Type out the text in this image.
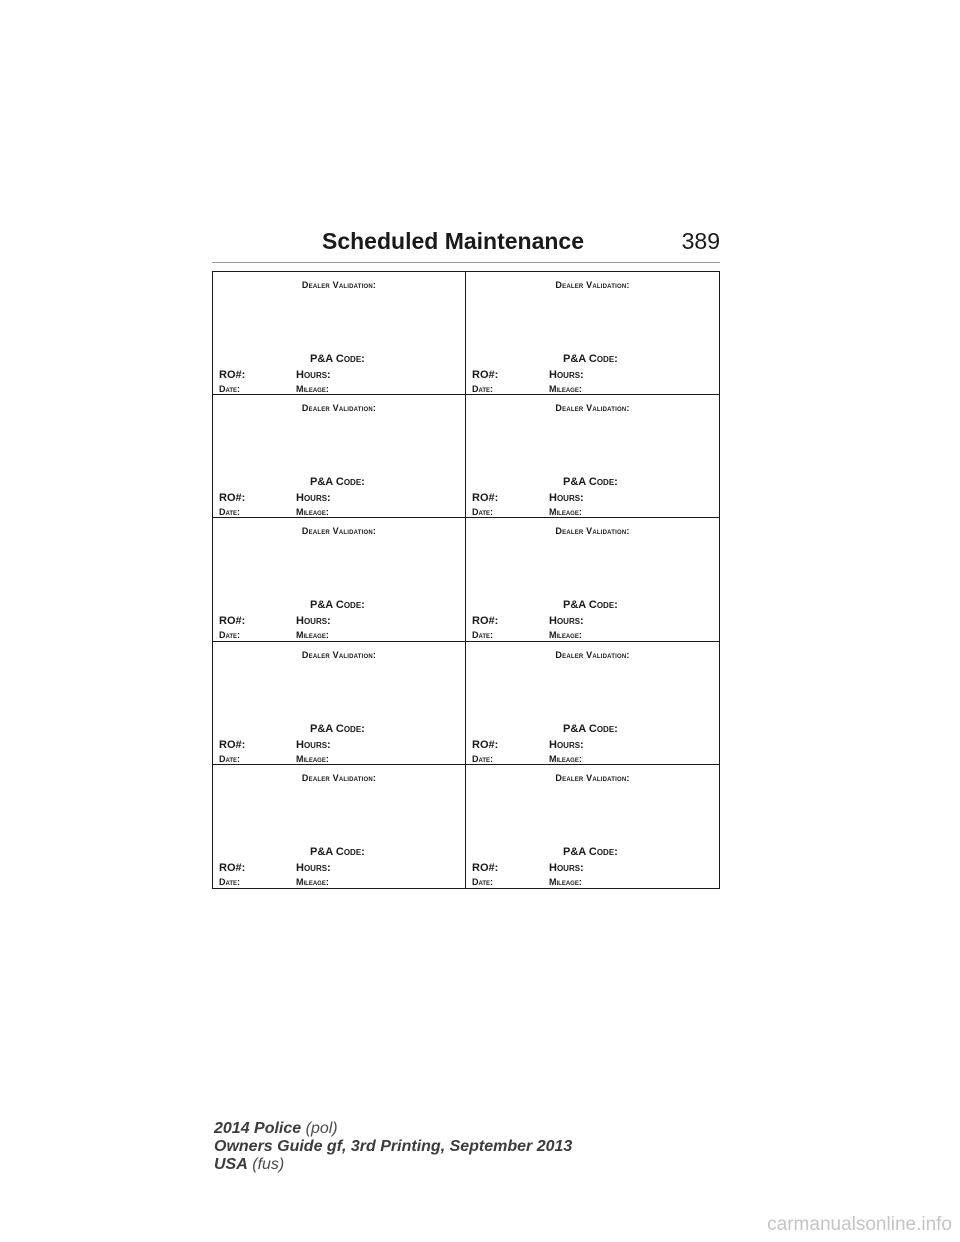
Scheduled Maintenance	389
Dealer Validation:
P&A Code:
RO#:	Hours:
Date:	Mileage:
Dealer Validation:
P&A Code:
RO#:	Hours:
Date:	Mileage:
Dealer Validation:
P&A Code:
RO#:	Hours:
Date:	Mileage:
Dealer Validation:
P&A Code:
RO#:	Hours:
Date:	Mileage:
Dealer Validation:
P&A Code:
RO#:	Hours:
Date:	Mileage:
Dealer Validation:
P&A Code:
RO#:	Hours:
Date:	Mileage:
Dealer Validation:
P&A Code:
RO#:	Hours:
Date:	Mileage:
Dealer Validation:
P&A Code:
RO#:	Hours:
Date:	Mileage:
Dealer Validation:
P&A Code:
RO#:	Hours:
Date:	Mileage:
Dealer Validation:
P&A Code:
RO#:	Hours:
Date:	Mileage:
2014 Police (pol)
Owners Guide gf, 3rd Printing, September 2013
USA (fus)
carmanualsonline.info
